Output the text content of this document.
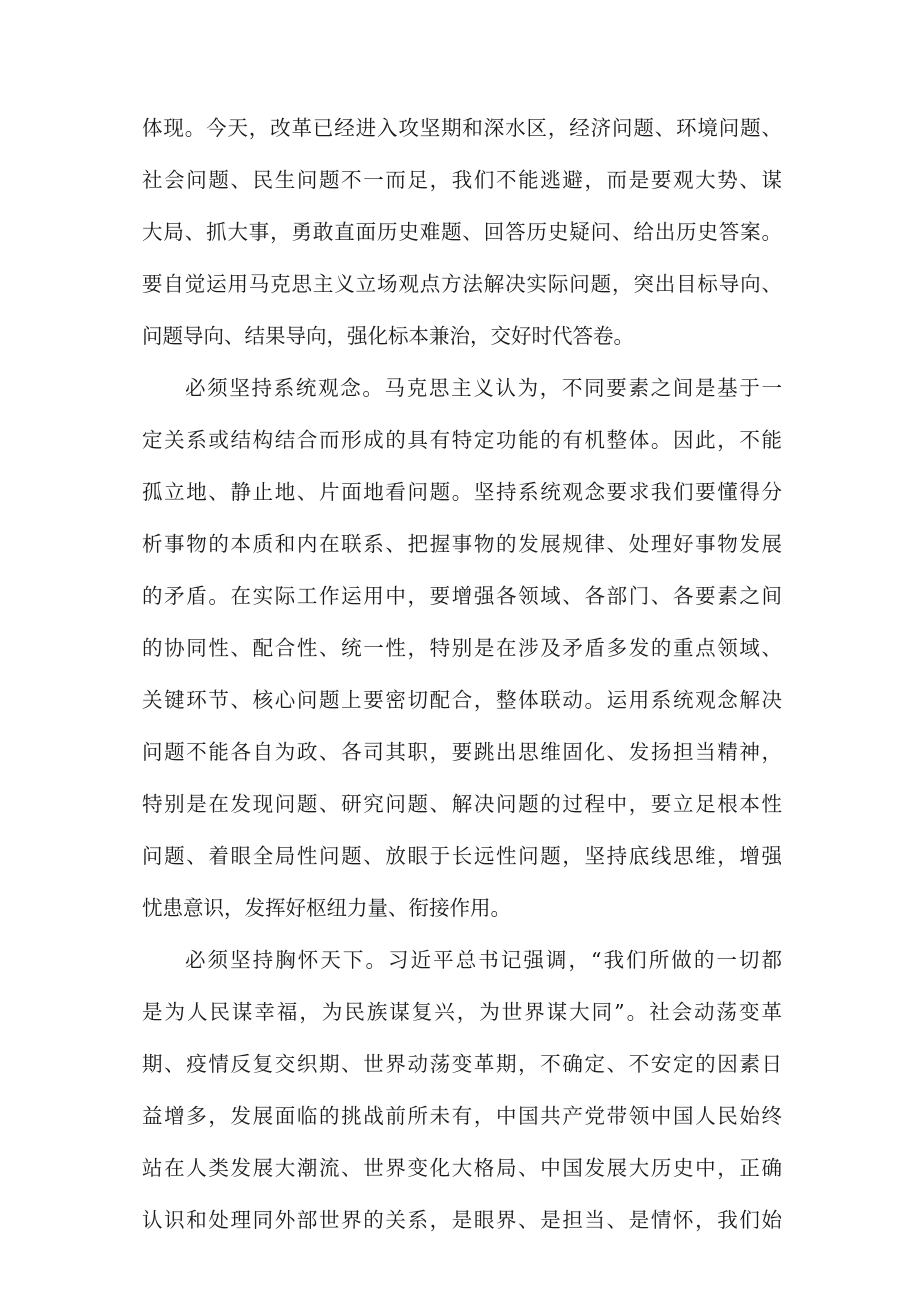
体现。今天，改革已经进入攻坚期和深水区，经济问题、环境问题、
社会问题、民生问题不一而足，我们不能逃避，而是要观大势、谋
大局、抓大事，勇敢直面历史难题、回答历史疑问、给出历史答案。
要自觉运用马克思主义立场观点方法解决实际问题，突出目标导向、
问题导向、结果导向，强化标本兼治，交好时代答卷。
必须坚持系统观念。马克思主义认为，不同要素之间是基于一
定关系或结构结合而形成的具有特定功能的有机整体。因此，不能
孤立地、静止地、片面地看问题。坚持系统观念要求我们要懂得分
析事物的本质和内在联系、把握事物的发展规律、处理好事物发展
的矛盾。在实际工作运用中，要增强各领域、各部门、各要素之间
的协同性、配合性、统一性，特别是在涉及矛盾多发的重点领域、
关键环节、核心问题上要密切配合，整体联动。运用系统观念解决
问题不能各自为政、各司其职，要跳出思维固化、发扬担当精神，
特别是在发现问题、研究问题、解决问题的过程中，要立足根本性
问题、着眼全局性问题、放眼于长远性问题，坚持底线思维，增强
忧患意识，发挥好枢纽力量、衔接作用。
必须坚持胸怀天下。习近平总书记强调，“我们所做的一切都
是为人民谋幸福，为民族谋复兴，为世界谋大同”。社会动荡变革
期、疫情反复交织期、世界动荡变革期，不确定、不安定的因素日
益增多，发展面临的挑战前所未有，中国共产党带领中国人民始终
站在人类发展大潮流、世界变化大格局、中国发展大历史中，正确
认识和处理同外部世界的关系，是眼界、是担当、是情怀，我们始
